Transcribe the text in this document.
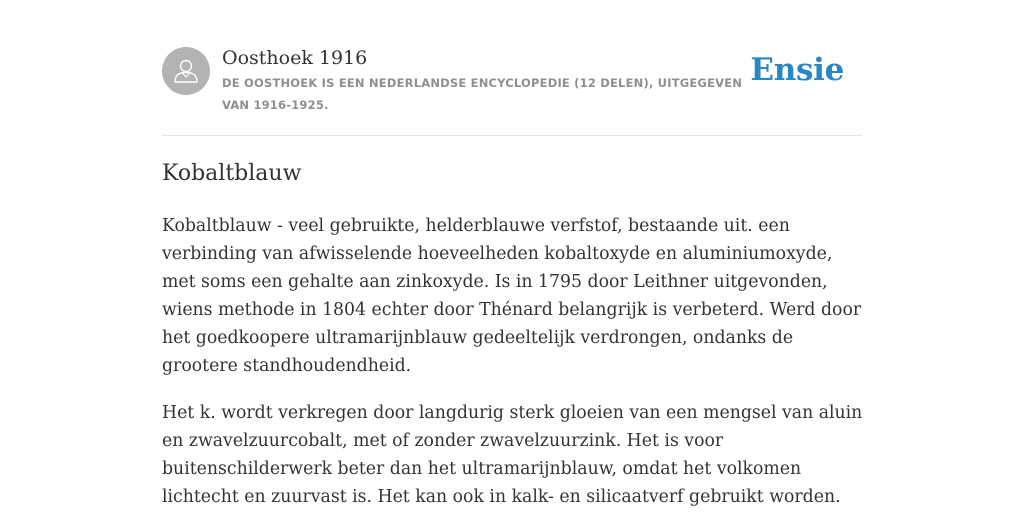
Oosthoek 1916
DE OOSTHOEK IS EEN NEDERLANDSE ENCYCLOPEDIE (12 DELEN), UITGEGEVEN VAN 1916-1925.
Ensie
Kobaltblauw

Kobaltblauw - veel gebruikte, helderblauwe verfstof, bestaande uit. een verbinding van afwisselende hoeveelheden kobaltoxyde en aluminiumoxyde, met soms een gehalte aan zinkoxyde. Is in 1795 door Leithner uitgevonden, wiens methode in 1804 echter door Thénard belangrijk is verbeterd. Werd door het goedkoopere ultramarijnblauw gedeeltelijk verdrongen, ondanks de grootere standhoudendheid.

Het k. wordt verkregen door langdurig sterk gloeien van een mengsel van aluin en zwavelzuurcobalt, met of zonder zwavelzuurzink. Het is voor buitenschilderwerk beter dan het ultramarijnblauw, omdat het volkomen lichtecht en zuurvast is. Het kan ook in kalk- en silicaatverf gebruikt worden.
